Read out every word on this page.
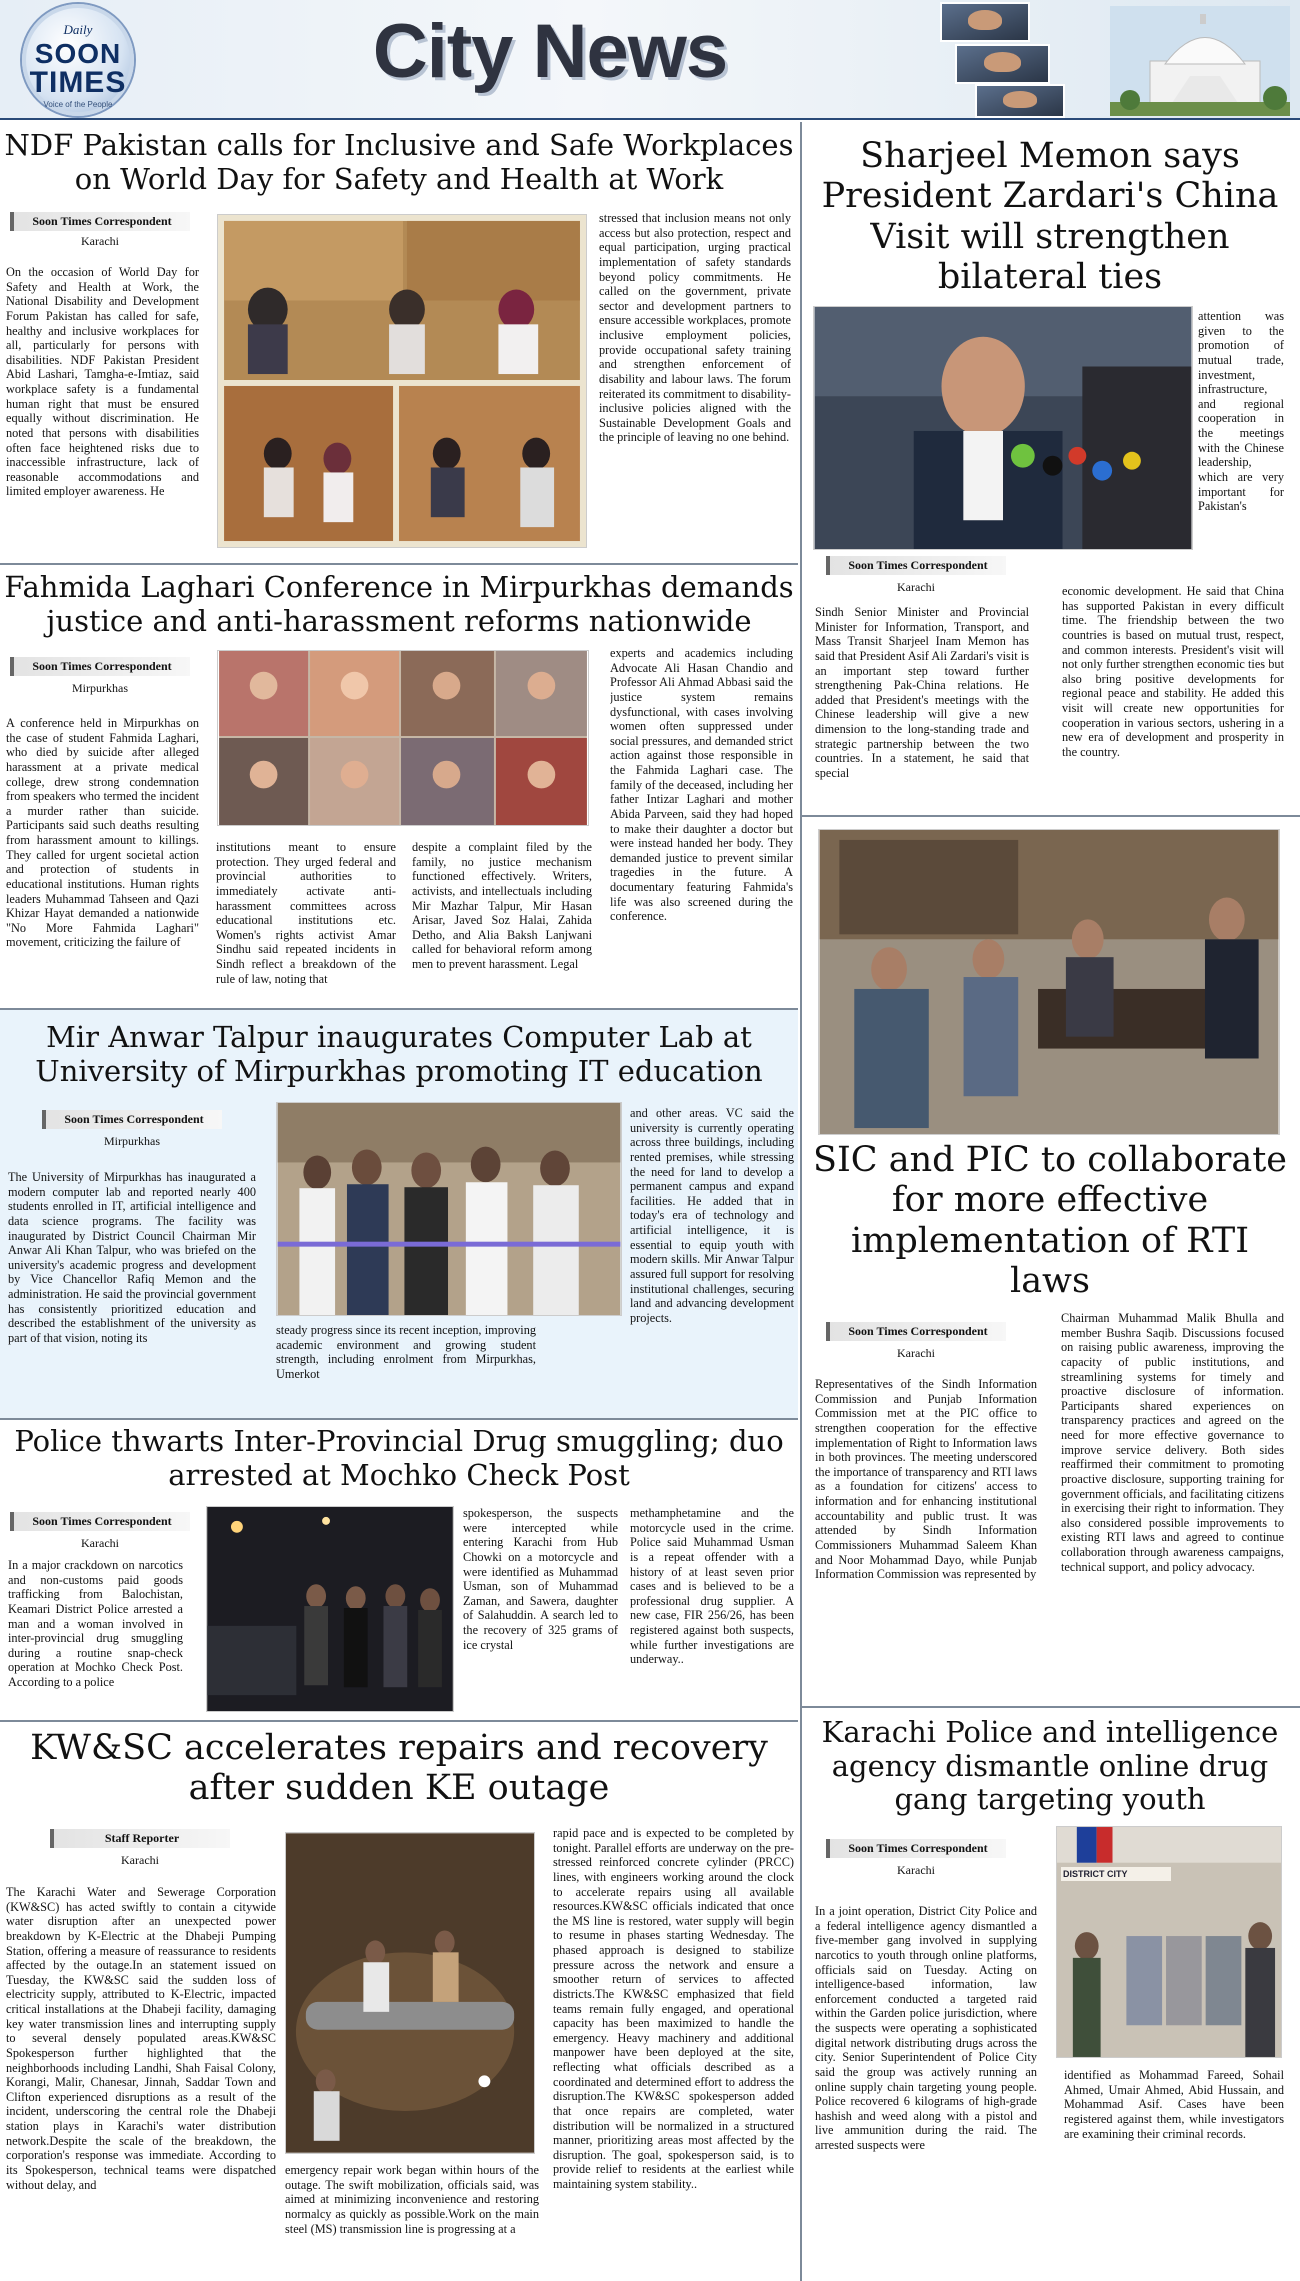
Daily
SOON
TIMES
Voice of the People
City News
NDF Pakistan calls for Inclusive and Safe Workplaces on World Day for Safety and Health at Work
Soon Times Correspondent
Karachi
On the occasion of World Day for Safety and Health at Work, the National Disability and Development Forum Pakistan has called for safe, healthy and inclusive workplaces for all, particularly for persons with disabilities. NDF Pakistan President Abid Lashari, Tamgha-e-Imtiaz, said workplace safety is a fundamental human right that must be ensured equally without discrimination. He noted that persons with disabilities often face heightened risks due to inaccessible infrastructure, lack of reasonable accommodations and limited employer awareness. He
stressed that inclusion means not only access but also protection, respect and equal participation, urging practical implementation of safety standards beyond policy commitments. He called on the government, private sector and development partners to ensure accessible workplaces, promote inclusive employment policies, provide occupational safety training and strengthen enforcement of disability and labour laws. The forum reiterated its commitment to disability-inclusive policies aligned with the Sustainable Development Goals and the principle of leaving no one behind.
Fahmida Laghari Conference in Mirpurkhas demands justice and anti-harassment reforms nationwide
Soon Times Correspondent
Mirpurkhas
A conference held in Mirpurkhas on the case of student Fahmida Laghari, who died by suicide after alleged harassment at a private medical college, drew strong condemnation from speakers who termed the incident a murder rather than suicide. Participants said such deaths resulting from harassment amount to killings. They called for urgent societal action and protection of students in educational institutions. Human rights leaders Muhammad Tahseen and Qazi Khizar Hayat demanded a nationwide "No More Fahmida Laghari" movement, criticizing the failure of
institutions meant to ensure protection. They urged federal and provincial authorities to immediately activate anti-harassment committees across educational institutions etc. Women's rights activist Amar Sindhu said repeated incidents in Sindh reflect a breakdown of the rule of law, noting that
despite a complaint filed by the family, no justice mechanism functioned effectively. Writers, activists, and intellectuals including Mir Mazhar Talpur, Mir Hasan Arisar, Javed Soz Halai, Zahida Detho, and Alia Baksh Lanjwani called for behavioral reform among men to prevent harassment. Legal
experts and academics including Advocate Ali Hasan Chandio and Professor Ali Ahmad Abbasi said the justice system remains dysfunctional, with cases involving women often suppressed under social pressures, and demanded strict action against those responsible in the Fahmida Laghari case. The family of the deceased, including her father Intizar Laghari and mother Abida Parveen, said they had hoped to make their daughter a doctor but were instead handed her body. They demanded justice to prevent similar tragedies in the future. A documentary featuring Fahmida's life was also screened during the conference.
Mir Anwar Talpur inaugurates Computer Lab at University of Mirpurkhas promoting IT education
Soon Times Correspondent
Mirpurkhas
The University of Mirpurkhas has inaugurated a modern computer lab and reported nearly 400 students enrolled in IT, artificial intelligence and data science programs. The facility was inaugurated by District Council Chairman Mir Anwar Ali Khan Talpur, who was briefed on the university's academic progress and development by Vice Chancellor Rafiq Memon and the administration. He said the provincial government has consistently prioritized education and described the establishment of the university as part of that vision, noting its
steady progress since its recent inception, improving academic environment and growing student strength, including enrolment from Mirpurkhas, Umerkot
and other areas. VC said the university is currently operating across three buildings, including rented premises, while stressing the need for land to develop a permanent campus and expand facilities. He added that in today's era of technology and artificial intelligence, it is essential to equip youth with modern skills. Mir Anwar Talpur assured full support for resolving institutional challenges, securing land and advancing development projects.
Police thwarts Inter-Provincial Drug smuggling; duo arrested at Mochko Check Post
Soon Times Correspondent
Karachi
In a major crackdown on narcotics and non-customs paid goods trafficking from Balochistan, Keamari District Police arrested a man and a woman involved in inter-provincial drug smuggling during a routine snap-check operation at Mochko Check Post. According to a police
spokesperson, the suspects were intercepted while entering Karachi from Hub Chowki on a motorcycle and were identified as Muhammad Usman, son of Muhammad Zaman, and Sawera, daughter of Salahuddin. A search led to the recovery of 325 grams of ice crystal
methamphetamine and the motorcycle used in the crime. Police said Muhammad Usman is a repeat offender with a history of at least seven prior cases and is believed to be a professional drug supplier. A new case, FIR 256/26, has been registered against both suspects, while further investigations are underway..
KW&SC accelerates repairs and recovery after sudden KE outage
Staff Reporter
Karachi
The Karachi Water and Sewerage Corporation (KW&SC) has acted swiftly to contain a citywide water disruption after an unexpected power breakdown by K-Electric at the Dhabeji Pumping Station, offering a measure of reassurance to residents affected by the outage.In an statement issued on Tuesday, the KW&SC said the sudden loss of electricity supply, attributed to K-Electric, impacted critical installations at the Dhabeji facility, damaging key water transmission lines and interrupting supply to several densely populated areas.KW&SC Spokesperson further highlighted that the neighborhoods including Landhi, Shah Faisal Colony, Korangi, Malir, Chanesar, Jinnah, Saddar Town and Clifton experienced disruptions as a result of the incident, underscoring the central role the Dhabeji station plays in Karachi's water distribution network.Despite the scale of the breakdown, the corporation's response was immediate. According to its Spokesperson, technical teams were dispatched without delay, and
emergency repair work began within hours of the outage. The swift mobilization, officials said, was aimed at minimizing inconvenience and restoring normalcy as quickly as possible.Work on the main steel (MS) transmission line is progressing at a
rapid pace and is expected to be completed by tonight. Parallel efforts are underway on the pre-stressed reinforced concrete cylinder (PRCC) lines, with engineers working around the clock to accelerate repairs using all available resources.KW&SC officials indicated that once the MS line is restored, water supply will begin to resume in phases starting Wednesday. The phased approach is designed to stabilize pressure across the network and ensure a smoother return of services to affected districts.The KW&SC emphasized that field teams remain fully engaged, and operational capacity has been maximized to handle the emergency. Heavy machinery and additional manpower have been deployed at the site, reflecting what officials described as a coordinated and determined effort to address the disruption.The KW&SC spokesperson added that once repairs are completed, water distribution will be normalized in a structured manner, prioritizing areas most affected by the disruption. The goal, spokesperson said, is to provide relief to residents at the earliest while maintaining system stability..
Sharjeel Memon says President Zardari's China Visit will strengthen bilateral ties
attention was given to the promotion of mutual trade, investment, infrastructure, and regional cooperation in the meetings with the Chinese leadership, which are very important for Pakistan's
Soon Times Correspondent
Karachi
Sindh Senior Minister and Provincial Minister for Information, Transport, and Mass Transit Sharjeel Inam Memon has said that President Asif Ali Zardari's visit is an important step toward further strengthening Pak-China relations. He added that President's meetings with the Chinese leadership will give a new dimension to the long-standing trade and strategic partnership between the two countries. In a statement, he said that special
economic development. He said that China has supported Pakistan in every difficult time. The friendship between the two countries is based on mutual trust, respect, and common interests. President's visit will not only further strengthen economic ties but also bring positive developments for regional peace and stability. He added this visit will create new opportunities for cooperation in various sectors, ushering in a new era of development and prosperity in the country.
SIC and PIC to collaborate for more effective implementation of RTI laws
Soon Times Correspondent
Karachi
Representatives of the Sindh Information Commission and Punjab Information Commission met at the PIC office to strengthen cooperation for the effective implementation of Right to Information laws in both provinces. The meeting underscored the importance of transparency and RTI laws as a foundation for citizens' access to information and for enhancing institutional accountability and public trust. It was attended by Sindh Information Commissioners Muhammad Saleem Khan and Noor Mohammad Dayo, while Punjab Information Commission was represented by
Chairman Muhammad Malik Bhulla and member Bushra Saqib. Discussions focused on raising public awareness, improving the capacity of public institutions, and streamlining systems for timely and proactive disclosure of information. Participants shared experiences on transparency practices and agreed on the need for more effective governance to improve service delivery. Both sides reaffirmed their commitment to promoting proactive disclosure, supporting training for government officials, and facilitating citizens in exercising their right to information. They also considered possible improvements to existing RTI laws and agreed to continue collaboration through awareness campaigns, technical support, and policy advocacy.
Karachi Police and intelligence agency dismantle online drug gang targeting youth
Soon Times Correspondent
Karachi
In a joint operation, District City Police and a federal intelligence agency dismantled a five-member gang involved in supplying narcotics to youth through online platforms, officials said on Tuesday. Acting on intelligence-based information, law enforcement conducted a targeted raid within the Garden police jurisdiction, where the suspects were operating a sophisticated digital network distributing drugs across the city. Senior Superintendent of Police City said the group was actively running an online supply chain targeting young people. Police recovered 6 kilograms of high-grade hashish and weed along with a pistol and live ammunition during the raid. The arrested suspects were
DISTRICT CITY
identified as Mohammad Fareed, Sohail Ahmed, Umair Ahmed, Abid Hussain, and Mohammad Asif. Cases have been registered against them, while investigators are examining their criminal records.
